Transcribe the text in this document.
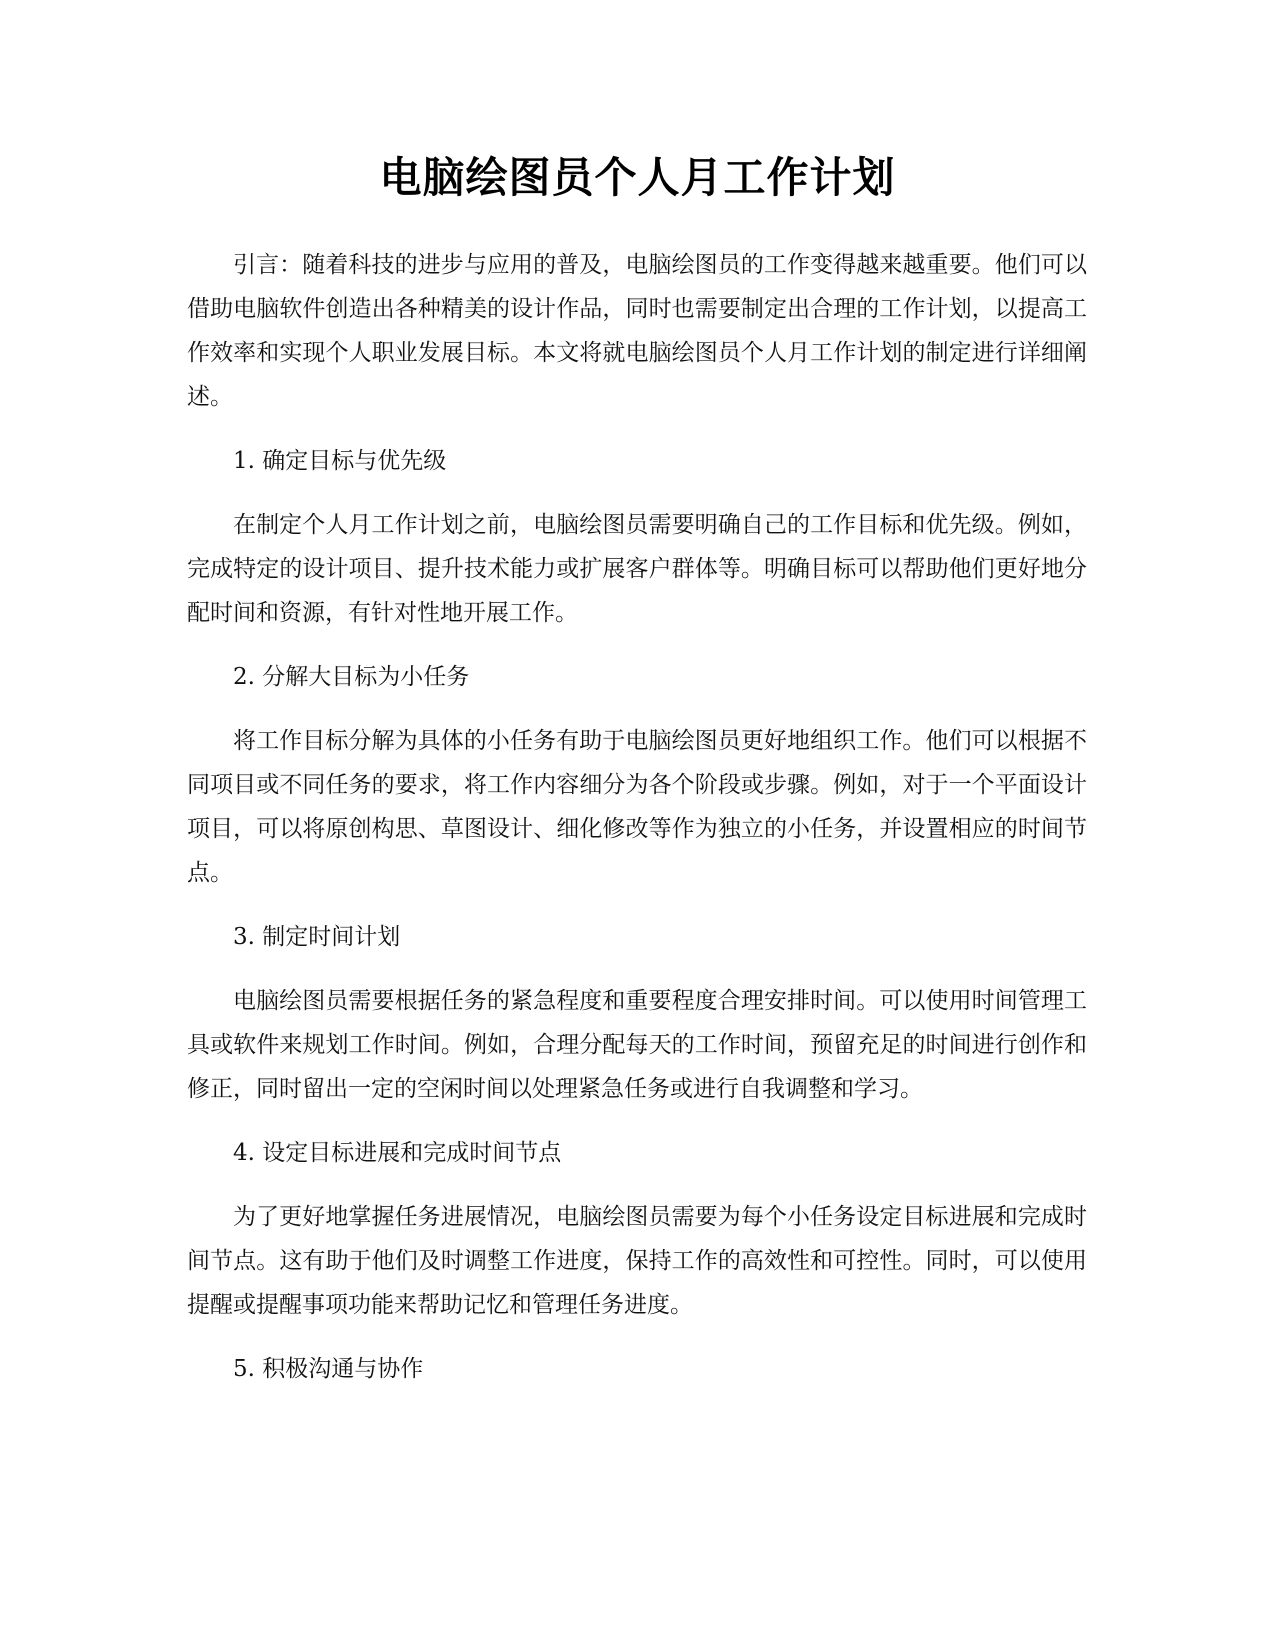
电脑绘图员个人月工作计划

引言：随着科技的进步与应用的普及，电脑绘图员的工作变得越来越重要。他们可以借助电脑软件创造出各种精美的设计作品，同时也需要制定出合理的工作计划，以提高工作效率和实现个人职业发展目标。本文将就电脑绘图员个人月工作计划的制定进行详细阐述。

1. 确定目标与优先级

在制定个人月工作计划之前，电脑绘图员需要明确自己的工作目标和优先级。例如，完成特定的设计项目、提升技术能力或扩展客户群体等。明确目标可以帮助他们更好地分配时间和资源，有针对性地开展工作。

2. 分解大目标为小任务

将工作目标分解为具体的小任务有助于电脑绘图员更好地组织工作。他们可以根据不同项目或不同任务的要求，将工作内容细分为各个阶段或步骤。例如，对于一个平面设计项目，可以将原创构思、草图设计、细化修改等作为独立的小任务，并设置相应的时间节点。

3. 制定时间计划

电脑绘图员需要根据任务的紧急程度和重要程度合理安排时间。可以使用时间管理工具或软件来规划工作时间。例如，合理分配每天的工作时间，预留充足的时间进行创作和修正，同时留出一定的空闲时间以处理紧急任务或进行自我调整和学习。

4. 设定目标进展和完成时间节点

为了更好地掌握任务进展情况，电脑绘图员需要为每个小任务设定目标进展和完成时间节点。这有助于他们及时调整工作进度，保持工作的高效性和可控性。同时，可以使用提醒或提醒事项功能来帮助记忆和管理任务进度。

5. 积极沟通与协作
